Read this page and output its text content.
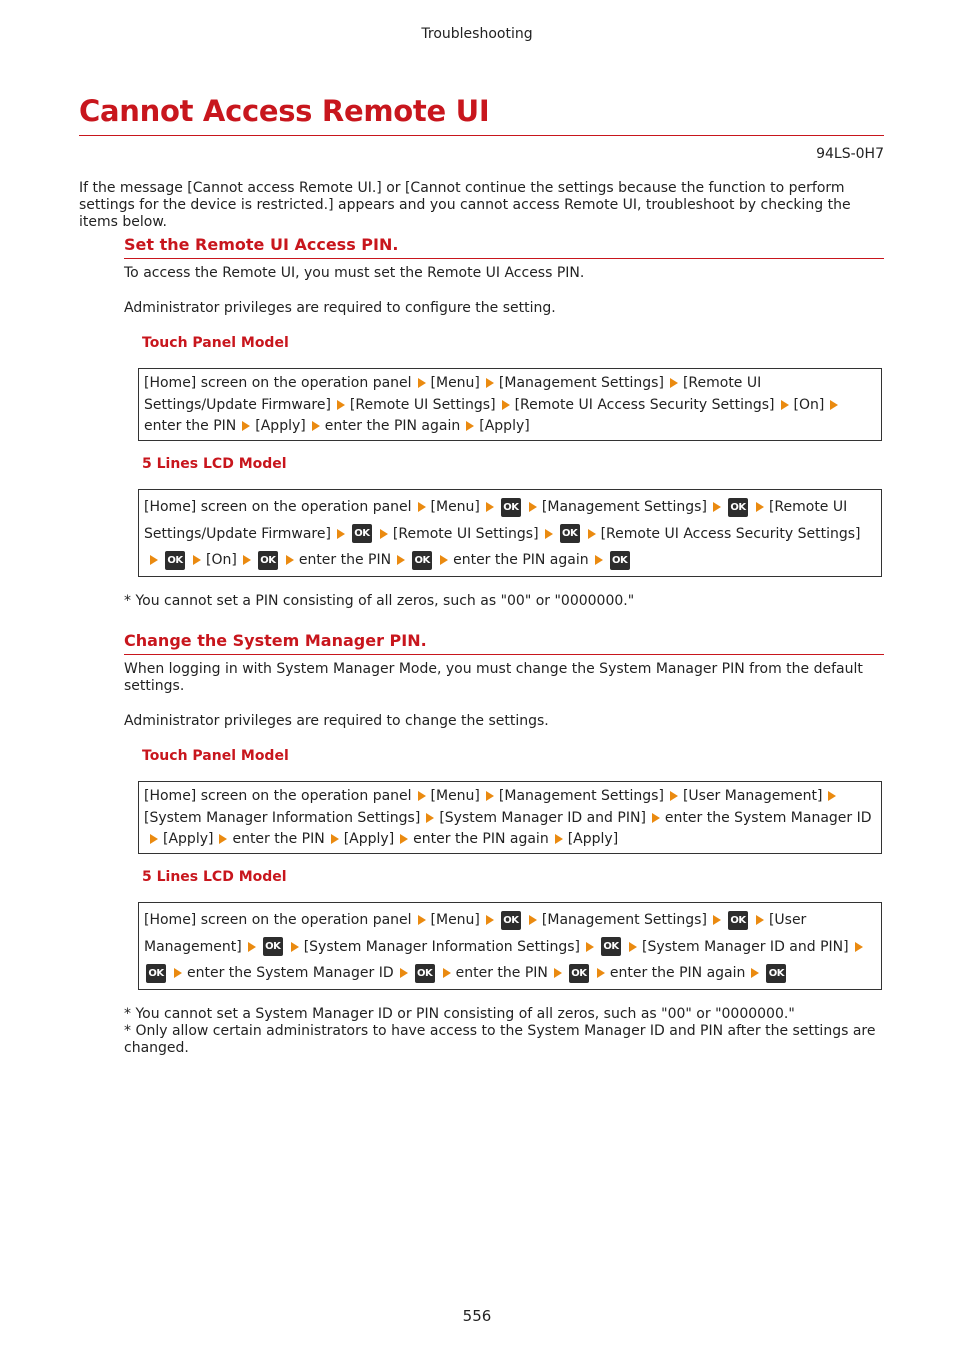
Troubleshooting
Cannot Access Remote UI
94LS-0H7
If the message [Cannot access Remote UI.] or [Cannot continue the settings because the function to perform settings for the device is restricted.] appears and you cannot access Remote UI, troubleshoot by checking the items below.
Set the Remote UI Access PIN.
To access the Remote UI, you must set the Remote UI Access PIN.
Administrator privileges are required to configure the setting.
Touch Panel Model
[Home] screen on the operation panel [Menu] [Management Settings] [Remote UI Settings/Update Firmware] [Remote UI Settings] [Remote UI Access Security Settings] [On]enter the PIN [Apply] enter the PIN again [Apply]
5 Lines LCD Model
[Home] screen on the operation panel [Menu] OK [Management Settings] OK [Remote UI Settings/Update Firmware] OK [Remote UI Settings] OK [Remote UI Access Security Settings]OK [On] OK enter the PIN OK enter the PIN again OK
* You cannot set a PIN consisting of all zeros, such as "00" or "0000000."
Change the System Manager PIN.
When logging in with System Manager Mode, you must change the System Manager PIN from the default settings.
Administrator privileges are required to change the settings.
Touch Panel Model
[Home] screen on the operation panel [Menu] [Management Settings] [User Management][System Manager Information Settings] [System Manager ID and PIN] enter the System Manager ID[Apply] enter the PIN [Apply] enter the PIN again [Apply]
5 Lines LCD Model
[Home] screen on the operation panel [Menu] OK [Management Settings] OK [User Management] OK [System Manager Information Settings] OK [System Manager ID and PIN]OK enter the System Manager ID OK enter the PIN OK enter the PIN again OK
* You cannot set a System Manager ID or PIN consisting of all zeros, such as "00" or "0000000."
* Only allow certain administrators to have access to the System Manager ID and PIN after the settings are changed.
556
